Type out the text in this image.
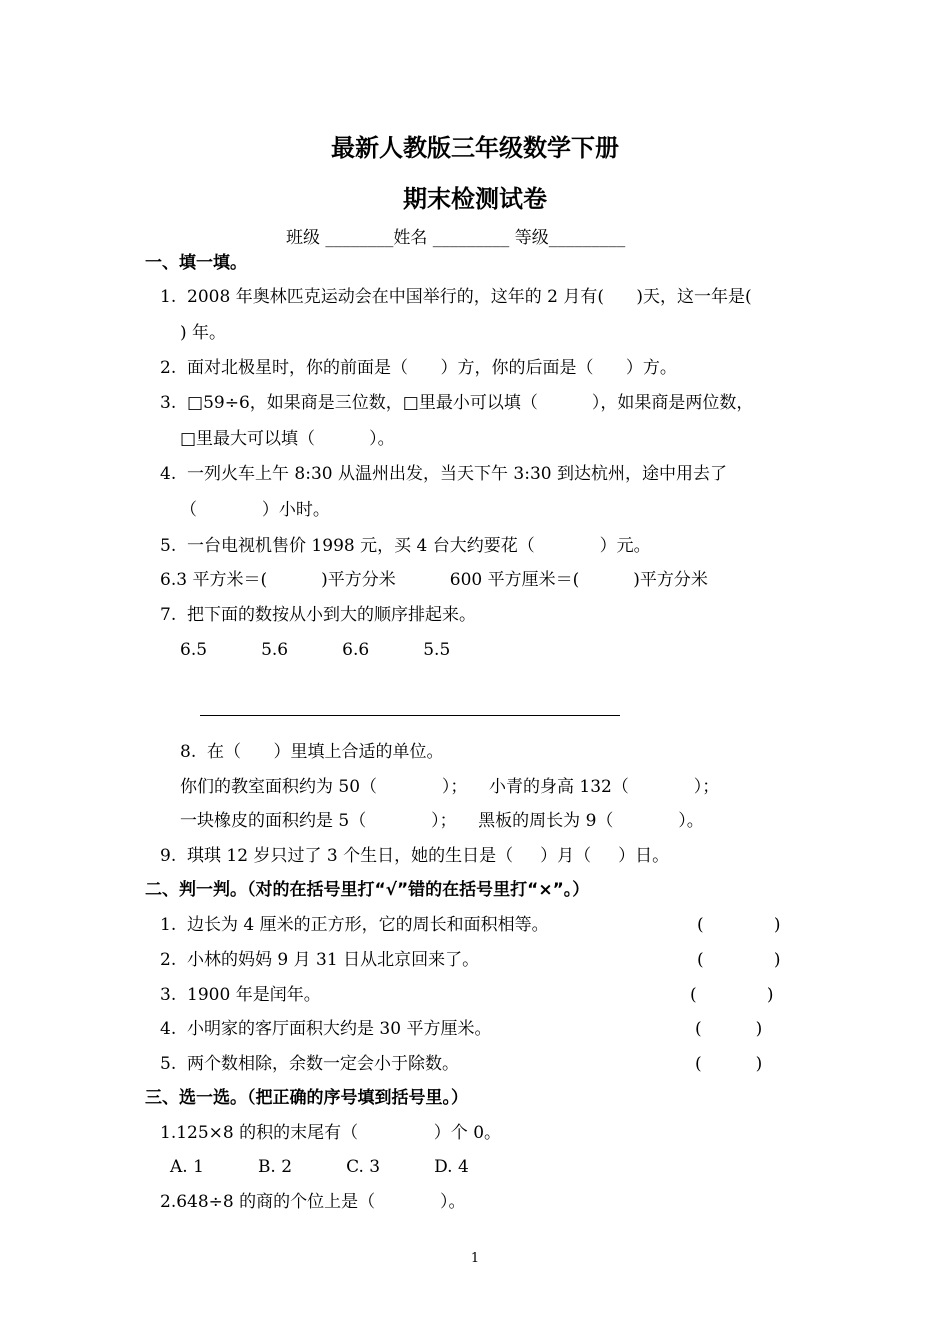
最新人教版三年级数学下册
期末检测试卷
班级 ________姓名 _________ 等级_________
一、填一填。
1.  2008 年奥林匹克运动会在中国举行的，这年的 2 月有(      )天，这一年是(
) 年。
2.  面对北极星时，你的前面是（      ）方，你的后面是（      ）方。
3.  □59÷6，如果商是三位数，□里最小可以填（          ），如果商是两位数，
□里最大可以填（          ）。
4.  一列火车上午 8:30 从温州出发，当天下午 3:30 到达杭州，途中用去了
（            ）小时。
5.  一台电视机售价 1998 元，买 4 台大约要花（            ）元。
6.3 平方米＝(          )平方分米          600 平方厘米＝(          )平方分米
7.  把下面的数按从小到大的顺序排起来。
6.5          5.6          6.6          5.5
8.  在（      ）里填上合适的单位。
你们的教室面积约为 50（            ）；    小青的身高 132（            ）；
一块橡皮的面积约是 5（            ）；    黑板的周长为 9（            ）。
9.  琪琪 12 岁只过了 3 个生日，她的生日是（     ）月（     ）日。
二、判一判。（对的在括号里打“√”错的在括号里打“×”。）
1.  边长为 4 厘米的正方形，它的周长和面积相等。	(             )
2.  小林的妈妈 9 月 31 日从北京回来了。	(             )
3.  1900 年是闰年。	(             )
4.  小明家的客厅面积大约是 30 平方厘米。	(          )
5.  两个数相除，余数一定会小于除数。	(          )
三、选一选。（把正确的序号填到括号里。）
1.125×8 的积的末尾有（              ）个 0。
A. 1          B. 2          C. 3          D. 4
2.648÷8 的商的个位上是（            ）。
1
